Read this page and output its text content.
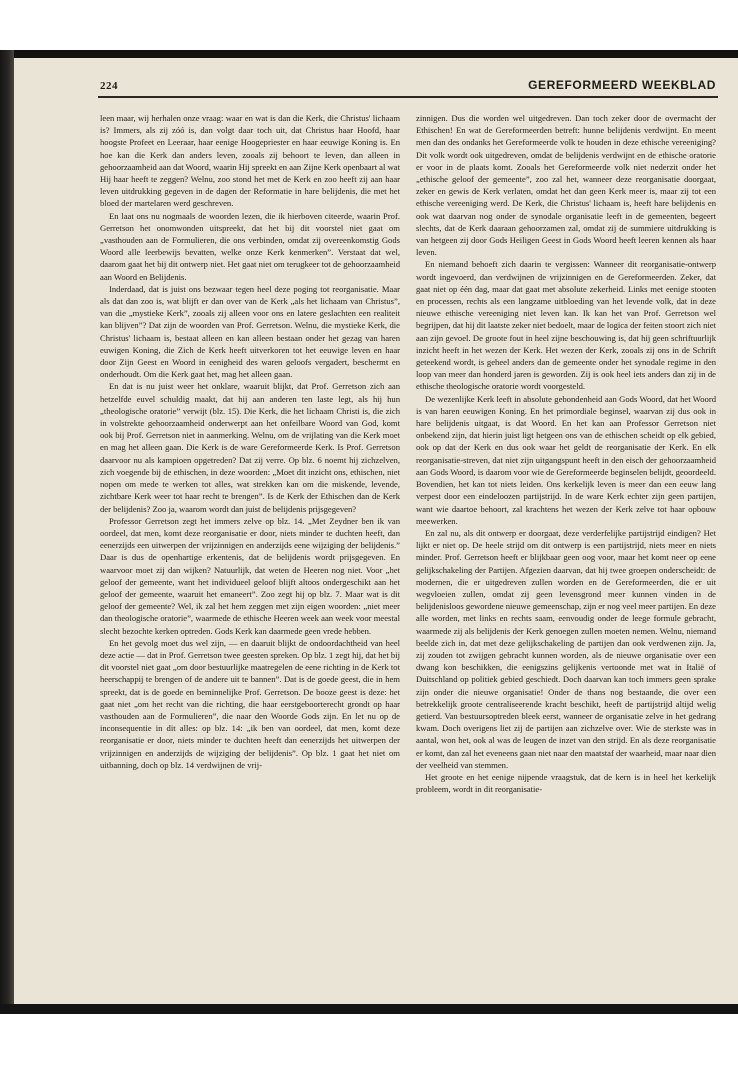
224	GEREFORMEERD WEEKBLAD

leen maar, wij herhalen onze vraag: waar en wat is dan die Kerk, die Christus' lichaam is? Immers, als zij zóó is, dan volgt daar toch uit, dat Christus haar Hoofd, haar hoogste Profeet en Leeraar, haar eenige Hoogepriester en haar eeuwige Koning is. En hoe kan die Kerk dan anders leven, zooals zij behoort te leven, dan alleen in gehoorzaamheid aan dat Woord, waarin Hij spreekt en aan Zijne Kerk openbaart al wat Hij haar heeft te zeggen? Welnu, zoo stond het met de Kerk en zoo heeft zij aan haar leven uitdrukking gegeven in de dagen der Reformatie in hare belijdenis, die met het bloed der martelaren werd geschreven.

En laat ons nu nogmaals de woorden lezen, die ik hierboven citeerde, waarin Prof. Gerretson het onomwonden uitspreekt, dat het bij dit voorstel niet gaat om „vasthouden aan de Formulieren, die ons verbinden, omdat zij overeenkomstig Gods Woord alle leerbewijs bevatten, welke onze Kerk kenmerken”. Verstaat dat wel, daarom gaat het bij dit ontwerp niet. Het gaat niet om terugkeer tot de gehoorzaamheid aan Woord en Belijdenis.

Inderdaad, dat is juist ons bezwaar tegen heel deze poging tot reorganisatie. Maar als dat dan zoo is, wat blijft er dan over van de Kerk „als het lichaam van Christus”, van die „mystieke Kerk”, zooals zij alleen voor ons en latere geslachten een realiteit kan blijven”? Dat zijn de woorden van Prof. Gerretson. Welnu, die mystieke Kerk, die Christus' lichaam is, bestaat alleen en kan alleen bestaan onder het gezag van haren euwigen Koning, die Zich de Kerk heeft uitverkoren tot het eeuwige leven en haar door Zijn Geest en Woord in eenigheid des waren geloofs vergadert, beschermt en onderhoudt. Om die Kerk gaat het, mag het alleen gaan.

En dat is nu juist weer het onklare, waaruit blijkt, dat Prof. Gerretson zich aan hetzelfde euvel schuldig maakt, dat hij aan anderen ten laste legt, als hij hun „theologische oratorie” verwijt (blz. 15). Die Kerk, die het lichaam Christi is, die zich in volstrekte gehoorzaamheid onderwerpt aan het onfeilbare Woord van God, komt ook bij Prof. Gerretson niet in aanmerking. Welnu, om de vrijlating van die Kerk moet en mag het alleen gaan. Die Kerk is de ware Gereformeerde Kerk. Is Prof. Gerretson daarvoor nu als kampioen opgetreden? Dat zij verre. Op blz. 6 noemt hij zichzelven, zich voegende bij de ethischen, in deze woorden: „Moet dit inzicht ons, ethischen, niet nopen om mede te werken tot alles, wat strekken kan om die miskende, levende, zichtbare Kerk weer tot haar recht te brengen”. Is de Kerk der Ethischen dan de Kerk der belijdenis? Zoo ja, waarom wordt dan juist de belijdenis prijsgegeven?

Professor Gerretson zegt het immers zelve op blz. 14. „Met Zeydner ben ik van oordeel, dat men, komt deze reorganisatie er door, niets minder te duchten heeft, dan eenerzijds een uitwerpen der vrijzinnigen en anderzijds eene wijziging der belijdenis.” Daar is dus de openhartige erkentenis, dat de belijdenis wordt prijsgegeven. En waarvoor moet zij dan wijken? Natuurlijk, dat weten de Heeren nog niet. Voor „het geloof der gemeente, want het individueel geloof blijft altoos ondergeschikt aan het geloof der gemeente, waaruit het emaneert”. Zoo zegt hij op blz. 7. Maar wat is dit geloof der gemeente? Wel, ik zal het hem zeggen met zijn eigen woorden: „niet meer dan theologische oratorie”, waarmede de ethische Heeren week aan week voor meestal slecht bezochte kerken optreden. Gods Kerk kan daarmede geen vrede hebben.

En het gevolg moet dus wel zijn, — en daaruit blijkt de ondoordachtheid van heel deze actie — dat in Prof. Gerretson twee geesten spreken. Op blz. 1 zegt hij, dat het bij dit voorstel niet gaat „om door bestuurlijke maatregelen de eene richting in de Kerk tot heerschappij te brengen of de andere uit te bannen”. Dat is de goede geest, die in hem spreekt, dat is de goede en beminnelijke Prof. Gerretson. De booze geest is deze: het gaat niet „om het recht van die richting, die haar eerstgeboorterecht grondt op haar vasthouden aan de Formulieren”, die naar den Woorde Gods zijn. En let nu op de inconsequentie in dit alles: op blz. 14: „ik ben van oordeel, dat men, komt deze reorganisatie er door, niets minder te duchten heeft dan eenerzijds het uitwerpen der vrijzinnigen en anderzijds de wijziging der belijdenis”. Op blz. 1 gaat het niet om uitbanning, doch op blz. 14 verdwijnen de vrij-

zinnigen. Dus die worden wel uitgedreven. Dan toch zeker door de overmacht der Ethischen! En wat de Gereformeerden betreft: hunne belijdenis verdwijnt. En meent men dan des ondanks het Gereformeerde volk te houden in deze ethische vereeniging? Dit volk wordt ook uitgedreven, omdat de belijdenis verdwijnt en de ethische oratorie er voor in de plaats komt. Zooals het Gereformeerde volk niet nederzit onder het „ethische geloof der gemeente”, zoo zal het, wanneer deze reorganisatie doorgaat, zeker en gewis de Kerk verlaten, omdat het dan geen Kerk meer is, maar zij tot een ethische vereeniging werd. De Kerk, die Christus' lichaam is, heeft hare belijdenis en ook wat daarvan nog onder de synodale organisatie leeft in de gemeenten, begeert slechts, dat de Kerk daaraan gehoorzamen zal, omdat zij de summiere uitdrukking is van hetgeen zij door Gods Heiligen Geest in Gods Woord heeft leeren kennen als haar leven.

En niemand behoeft zich daarin te vergissen: Wanneer dit reorganisatie-ontwerp wordt ingevoerd, dan verdwijnen de vrijzinnigen en de Gereformeerden. Zeker, dat gaat niet op één dag, maar dat gaat met absolute zekerheid. Links met eenige stooten en processen, rechts als een langzame uitbloeding van het levende volk, dat in deze nieuwe ethische vereeniging niet leven kan. Ik kan het van Prof. Gerretson wel begrijpen, dat hij dit laatste zeker niet bedoelt, maar de logica der feiten stoort zich niet aan zijn gevoel. De groote fout in heel zijne beschouwing is, dat hij geen schriftuurlijk inzicht heeft in het wezen der Kerk. Het wezen der Kerk, zooals zij ons in de Schrift geteekend wordt, is geheel anders dan de gemeente onder het synodale regime in den loop van meer dan honderd jaren is geworden. Zij is ook heel iets anders dan zij in de ethische theologische oratorie wordt voorgesteld.

De wezenlijke Kerk leeft in absolute gebondenheid aan Gods Woord, dat het Woord is van haren eeuwigen Koning. En het primordiale beginsel, waarvan zij dus ook in hare belijdenis uitgaat, is dat Woord. En het kan aan Professor Gerretson niet onbekend zijn, dat hierin juist ligt hetgeen ons van de ethischen scheidt op elk gebied, ook op dat der Kerk en dus ook waar het geldt de reorganisatie der Kerk. En elk reorganisatie-streven, dat niet zijn uitgangspunt heeft in den eisch der gehoorzaamheid aan Gods Woord, is daarom voor wie de Gereformeerde beginselen belijdt, geoordeeld. Bovendien, het kan tot niets leiden. Ons kerkelijk leven is meer dan een eeuw lang verpest door een eindeloozen partijstrijd. In de ware Kerk echter zijn geen partijen, want wie daartoe behoort, zal krachtens het wezen der Kerk zelve tot haar opbouw meewerken.

En zal nu, als dit ontwerp er doorgaat, deze verderfelijke partijstrijd eindigen? Het lijkt er niet op. De heele strijd om dit ontwerp is een partijstrijd, niets meer en niets minder. Prof. Gerretson heeft er blijkbaar geen oog voor, maar het komt neer op eene gelijkschakeling der Partijen. Afgezien daarvan, dat hij twee groepen onderscheidt: de modernen, die er uitgedreven zullen worden en de Gereformeerden, die er uit wegvloeien zullen, omdat zij geen levensgrond meer kunnen vinden in de belijdenisloos gewordene nieuwe gemeenschap, zijn er nog veel meer partijen. En deze alle worden, met links en rechts saam, eenvoudig onder de leege formule gebracht, waarmede zij als belijdenis der Kerk genoegen zullen moeten nemen. Welnu, niemand beelde zich in, dat met deze gelijkschakeling de partijen dan ook verdwenen zijn. Ja, zij zouden tot zwijgen gebracht kunnen worden, als de nieuwe organisatie over een dwang kon beschikken, die eenigszins gelijkenis vertoonde met wat in Italië of Duitschland op politiek gebied geschiedt. Doch daarvan kan toch immers geen sprake zijn onder die nieuwe organisatie! Onder de thans nog bestaande, die over een betrekkelijk groote centraliseerende kracht beschikt, heeft de partijstrijd altijd welig getierd. Van bestuursoptreden bleek eerst, wanneer de organisatie zelve in het gedrang kwam. Doch overigens liet zij de partijen aan zichzelve over. Wie de sterkste was in aantal, won het, ook al was de leugen de inzet van den strijd. En als deze reorganisatie er komt, dan zal het eveneens gaan niet naar den maatstaf der waarheid, maar naar dien der veelheid van stemmen.

Het groote en het eenige nijpende vraagstuk, dat de kern is in heel het kerkelijk probleem, wordt in dit reorganisatie-
